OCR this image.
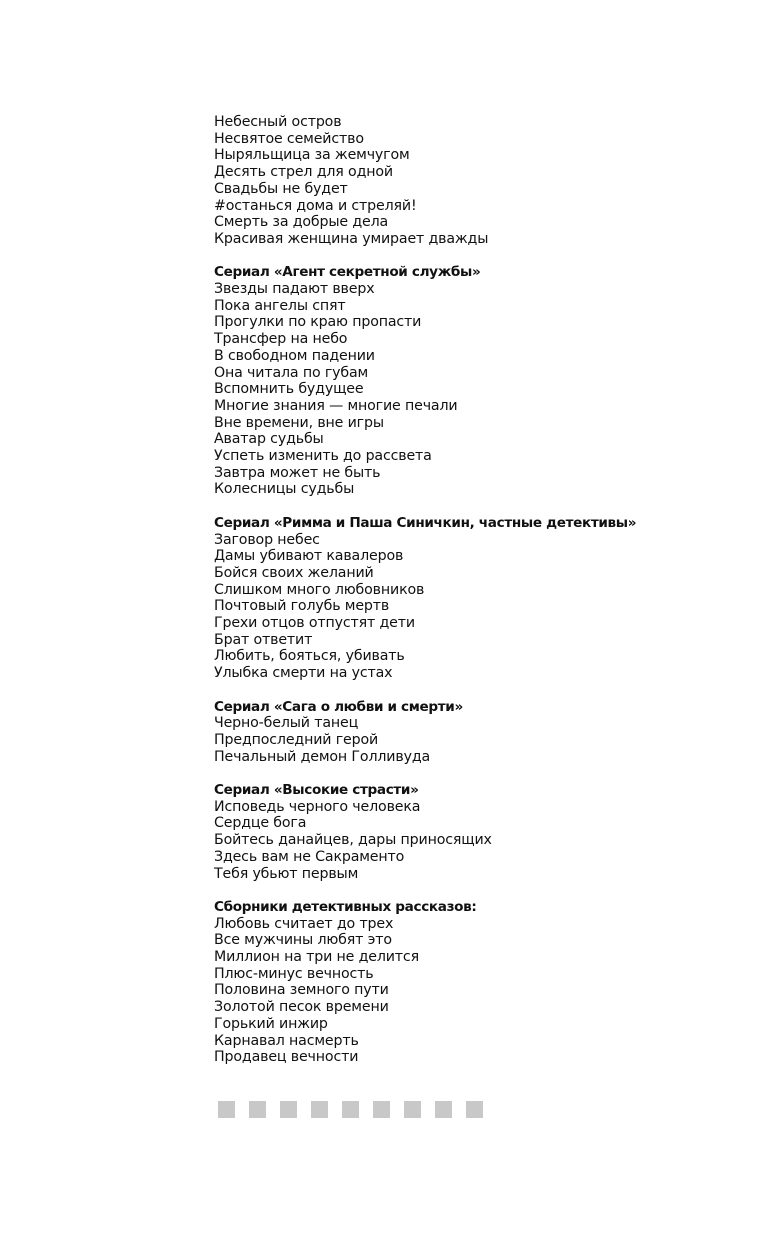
Небесный остров
Несвятое семейство
Ныряльщица за жемчугом
Десять стрел для одной
Свадьбы не будет
#останься дома и стреляй!
Смерть за добрые дела
Красивая женщина умирает дважды
Сериал «Агент секретной службы»
Звезды падают вверх
Пока ангелы спят
Прогулки по краю пропасти
Трансфер на небо
В свободном падении
Она читала по губам
Вспомнить будущее
Многие знания — многие печали
Вне времени, вне игры
Аватар судьбы
Успеть изменить до рассвета
Завтра может не быть
Колесницы судьбы
Сериал «Римма и Паша Синичкин, частные детективы»
Заговор небес
Дамы убивают кавалеров
Бойся своих желаний
Слишком много любовников
Почтовый голубь мертв
Грехи отцов отпустят дети
Брат ответит
Любить, бояться, убивать
Улыбка смерти на устах
Сериал «Сага о любви и смерти»
Черно-белый танец
Предпоследний герой
Печальный демон Голливуда
Сериал «Высокие страсти»
Исповедь черного человека
Сердце бога
Бойтесь данайцев, дары приносящих
Здесь вам не Сакраменто
Тебя убьют первым
Сборники детективных рассказов:
Любовь считает до трех
Все мужчины любят это
Миллион на три не делится
Плюс-минус вечность
Половина земного пути
Золотой песок времени
Горький инжир
Карнавал насмерть
Продавец вечности
